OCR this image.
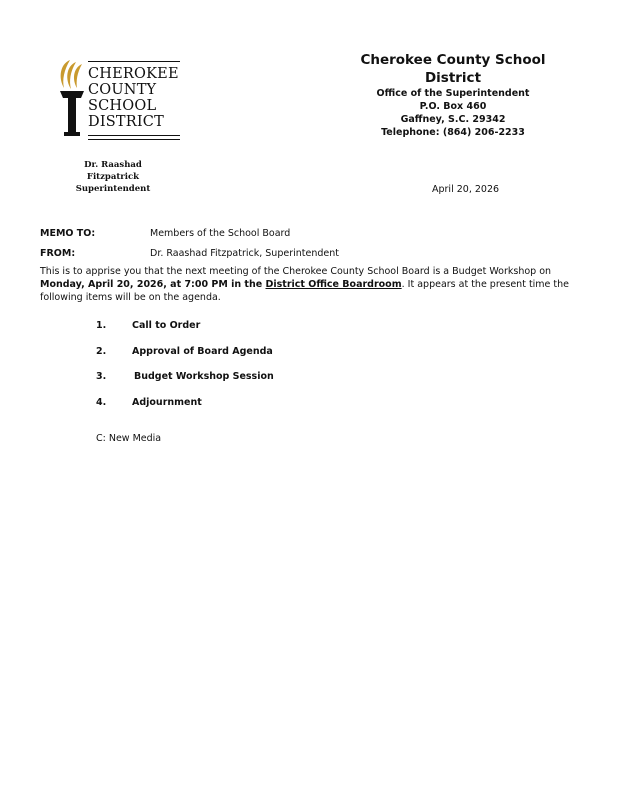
CHEROKEE
COUNTY
SCHOOL
DISTRICT
Dr. Raashad Fitzpatrick
Superintendent
Cherokee County School District
Office of the Superintendent
P.O. Box 460
Gaffney, S.C. 29342
Telephone: (864) 206-2233
April 20, 2026
MEMO TO:	Members of the School Board
FROM:	Dr. Raashad Fitzpatrick, Superintendent
This is to apprise you that the next meeting of the Cherokee County School Board is a Budget Workshop on Monday, April 20, 2026, at 7:00 PM in the District Office Boardroom. It appears at the present time the following items will be on the agenda.
1.	Call to Order
2.	Approval of Board Agenda
3.	Budget Workshop Session
4.	Adjournment
C: New Media
